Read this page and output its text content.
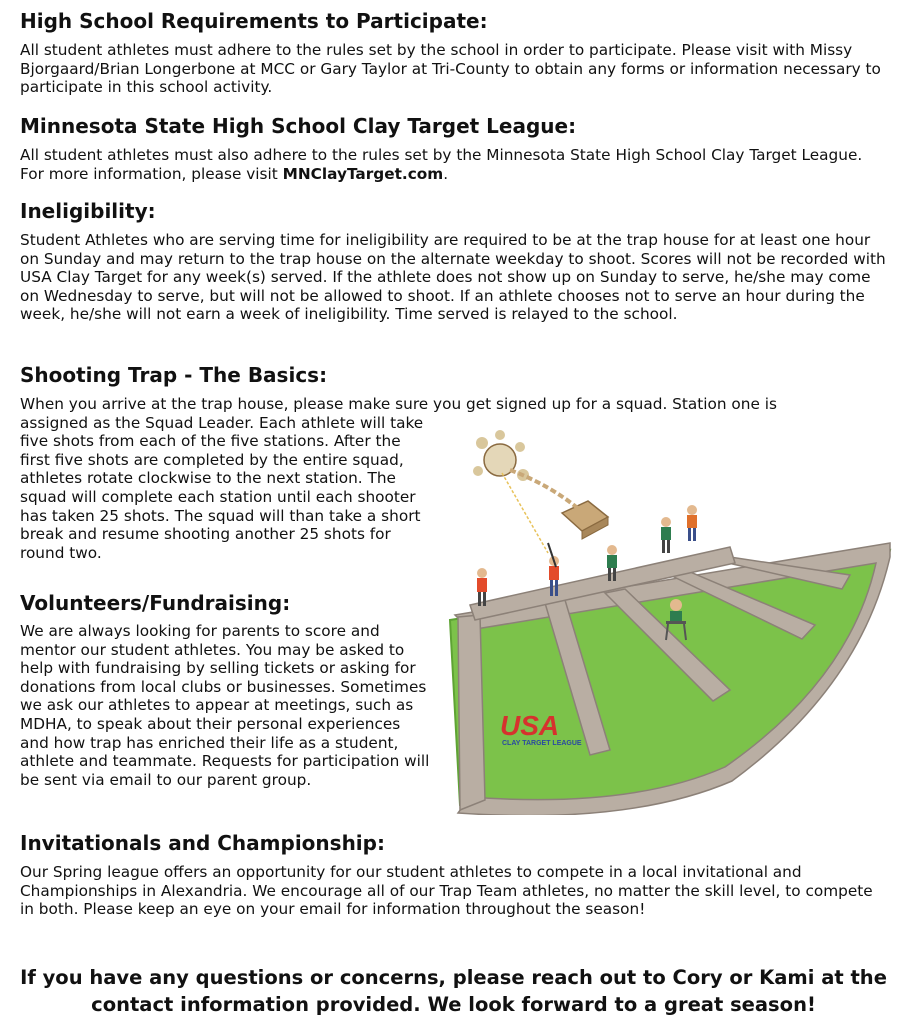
High School Requirements to Participate:

All student athletes must adhere to the rules set by the school in order to participate. Please visit with Missy Bjorgaard/Brian Longerbone at MCC or Gary Taylor at Tri-County to obtain any forms or information necessary to participate in this school activity.

Minnesota State High School Clay Target League:

All student athletes must also adhere to the rules set by the Minnesota State High School Clay Target League. For more information, please visit MNClayTarget.com.

Ineligibility:

Student Athletes who are serving time for ineligibility are required to be at the trap house for at least one hour on Sunday and may return to the trap house on the alternate weekday to shoot. Scores will not be recorded with USA Clay Target for any week(s) served. If the athlete does not show up on Sunday to serve, he/she may come on Wednesday to serve, but will not be allowed to shoot. If an athlete chooses not to serve an hour during the week, he/she will not earn a week of ineligibility. Time served is relayed to the school.

Shooting Trap - The Basics:

When you arrive at the trap house, please make sure you get signed up for a squad. Station one is

assigned as the Squad Leader. Each athlete will take five shots from each of the five stations. After the first five shots are completed by the entire squad, athletes rotate clockwise to the next station. The squad will complete each station until each shooter has taken 25 shots. The squad will than take a short break and resume shooting another 25 shots for round two.

Volunteers/Fundraising:

We are always looking for parents to score and mentor our student athletes. You may be asked to help with fundraising by selling tickets or asking for donations from local clubs or businesses. Sometimes we ask our athletes to appear at meetings, such as MDHA, to speak about their personal experiences and how trap has enriched their life as a student, athlete and teammate. Requests for participation will be sent via email to our parent group.

Invitationals and Championship:

Our Spring league offers an opportunity for our student athletes to compete in a local invitational and Championships in Alexandria. We encourage all of our Trap Team athletes, no matter the skill level, to compete in both. Please keep an eye on your email for information throughout the season!

If you have any questions or concerns, please reach out to Cory or Kami at the contact information provided. We look forward to a great season!
USA
CLAY TARGET LEAGUE
